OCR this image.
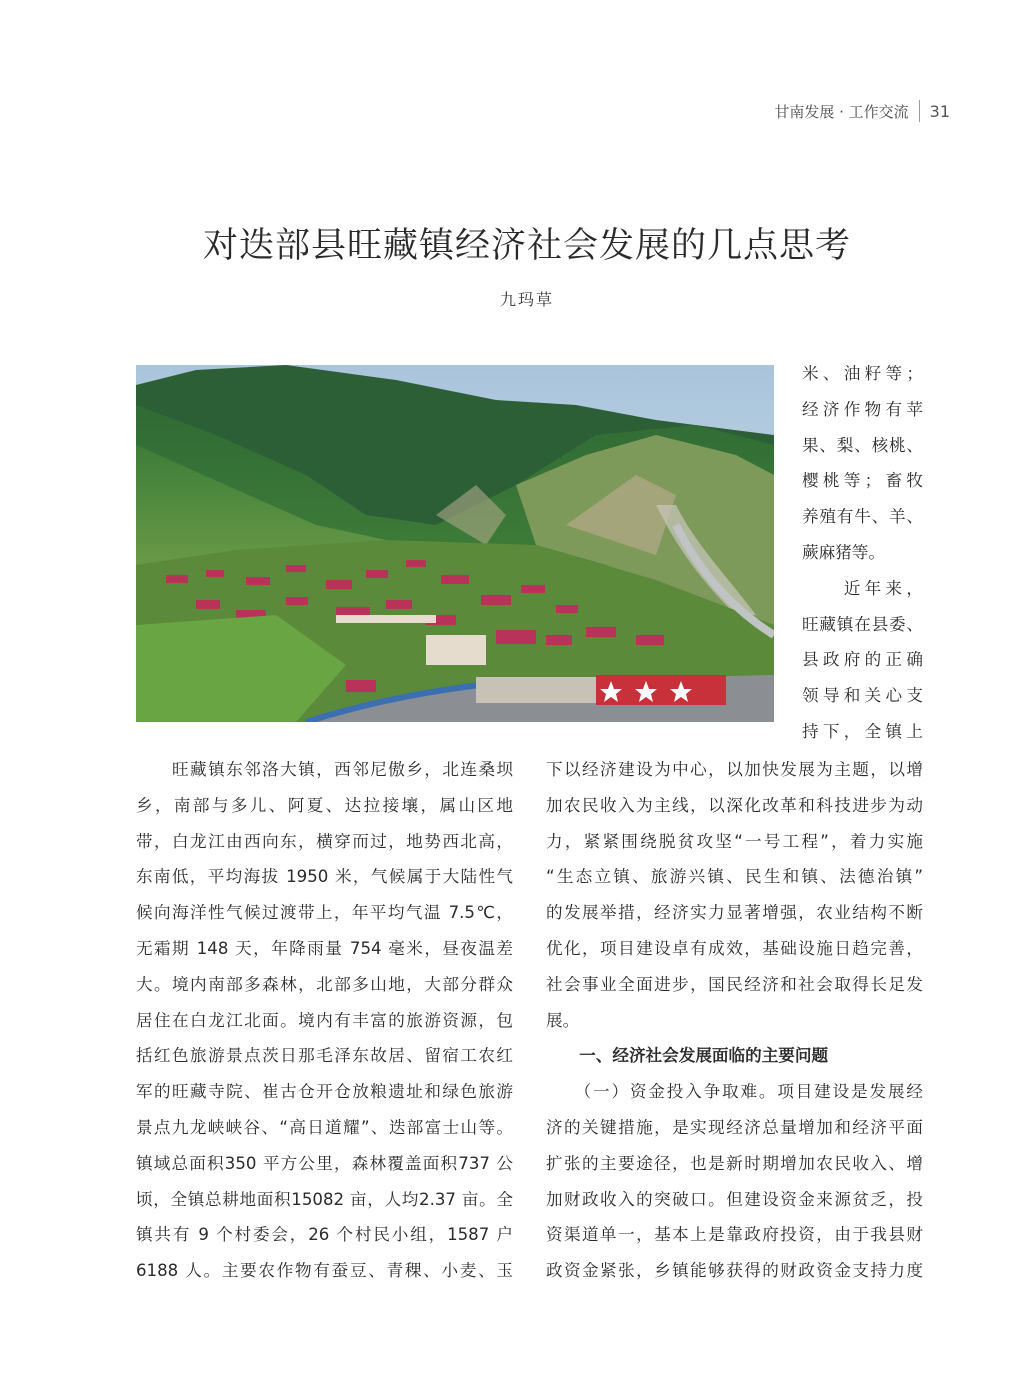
甘南发展 · 工作交流 31
对迭部县旺藏镇经济社会发展的几点思考
九玛草
米、油籽等；
经济作物有苹
果、梨、核桃、
樱桃等；畜牧
养殖有牛、羊、
蕨麻猪等。
　　近年来，
旺藏镇在县委、
县政府的正确
领导和关心支
持下，全镇上
　　旺藏镇东邻洛大镇，西邻尼傲乡，北连桑坝
乡，南部与多儿、阿夏、达拉接壤，属山区地
带，白龙江由西向东，横穿而过，地势西北高，
东南低，平均海拔 1950 米，气候属于大陆性气
候向海洋性气候过渡带上，年平均气温 7.5℃，
无霜期 148 天，年降雨量 754 毫米，昼夜温差
大。境内南部多森林，北部多山地，大部分群众
居住在白龙江北面。境内有丰富的旅游资源，包
括红色旅游景点茨日那毛泽东故居、留宿工农红
军的旺藏寺院、崔古仓开仓放粮遗址和绿色旅游
景点九龙峡峡谷、“高日道耀”、迭部富士山等。
镇域总面积350 平方公里，森林覆盖面积737 公
顷，全镇总耕地面积15082 亩，人均2.37 亩。全
镇共有 9 个村委会，26 个村民小组，1587 户
6188 人。主要农作物有蚕豆、青稞、小麦、玉
下以经济建设为中心，以加快发展为主题，以增
加农民收入为主线，以深化改革和科技进步为动
力，紧紧围绕脱贫攻坚“一号工程”，着力实施
“生态立镇、旅游兴镇、民生和镇、法德治镇”
的发展举措，经济实力显著增强，农业结构不断
优化，项目建设卓有成效，基础设施日趋完善，
社会事业全面进步，国民经济和社会取得长足发
展。
　　一、经济社会发展面临的主要问题
　　（一）资金投入争取难。项目建设是发展经
济的关键措施，是实现经济总量增加和经济平面
扩张的主要途径，也是新时期增加农民收入、增
加财政收入的突破口。但建设资金来源贫乏，投
资渠道单一，基本上是靠政府投资，由于我县财
政资金紧张，乡镇能够获得的财政资金支持力度
